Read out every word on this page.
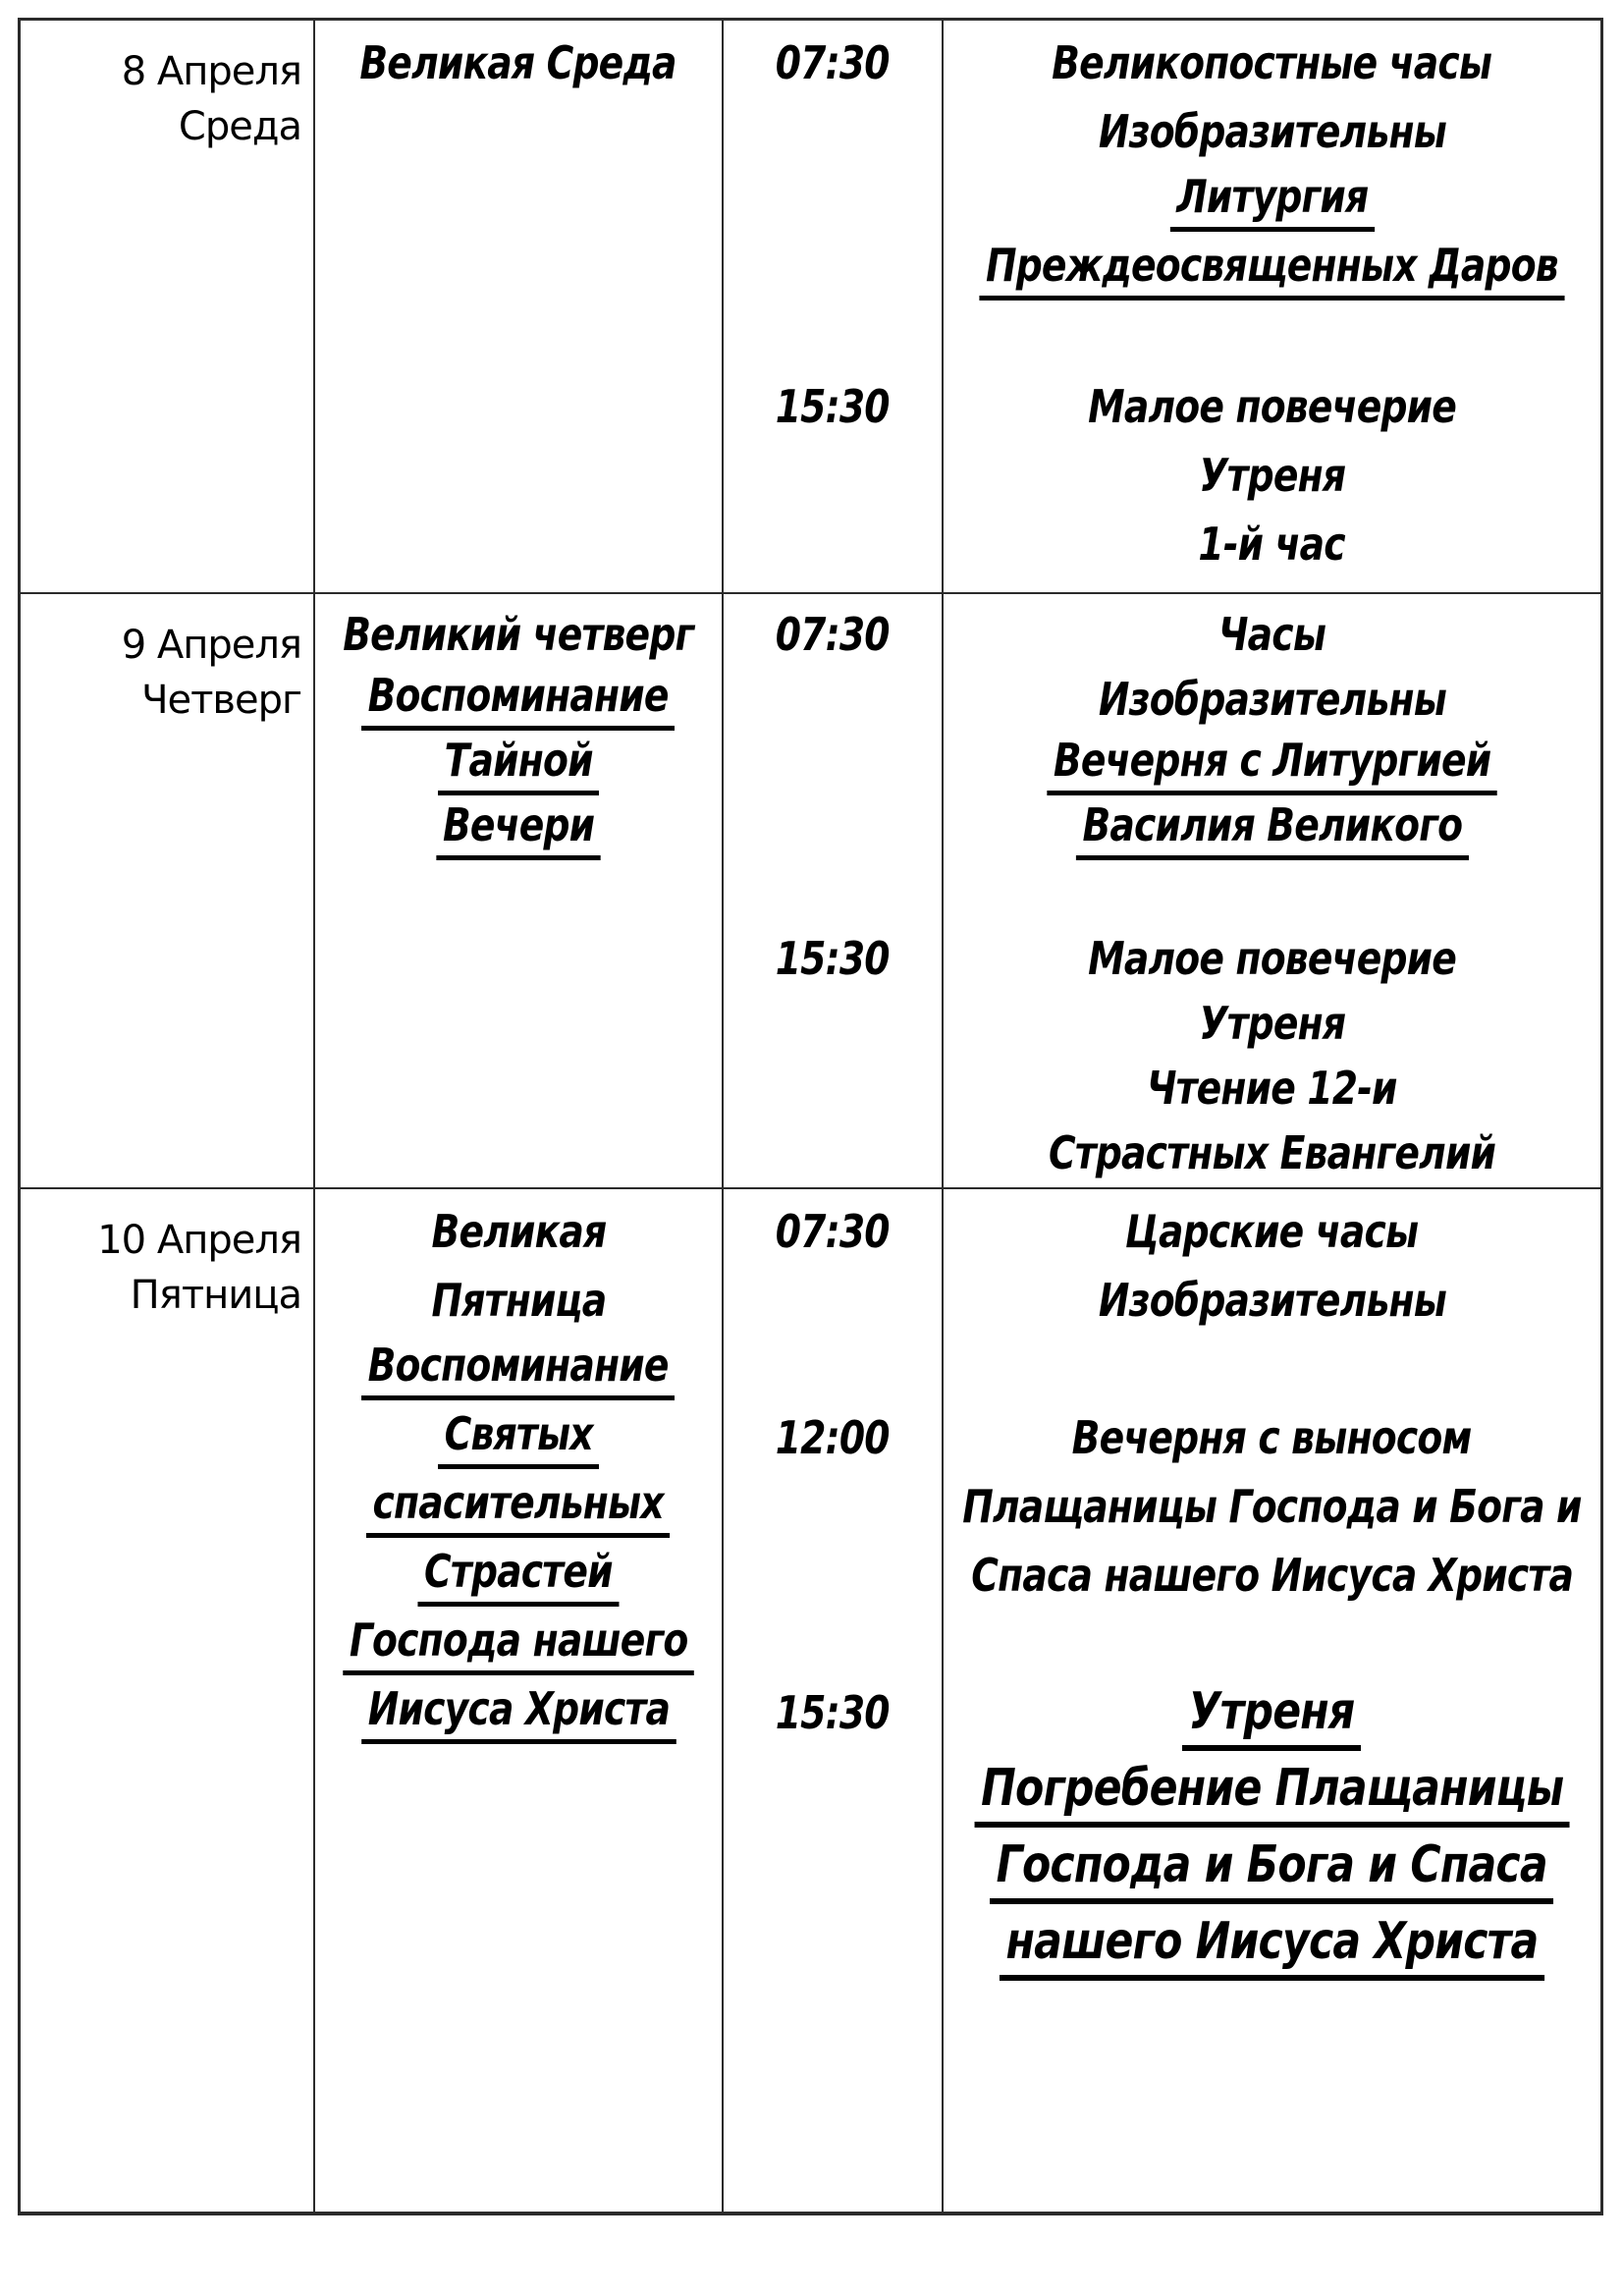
8 Апреля
Среда
Великая Среда 07:30
15:30
Великопостные часы
Изобразительны
Литургия
Преждеосвященных Даров
Малое повечерие
Утреня
1-й час
9 Апреля
Четверг
Великий четверг
Воспоминание
Тайной
Вечери
07:30
15:30
Часы
Изобразительны
Вечерня с Литургией
Василия Великого
Малое повечерие
Утреня
Чтение 12-и
Страстных Евангелий
10 Апреля
Пятница
Великая
Пятница
Воспоминание
Святых
спасительных
Страстей
Господа нашего
Иисуса Христа
07:30
12:00
15:30
Царские часы
Изобразительны
Вечерня с выносом
Плащаницы Господа и Бога и
Спаса нашего Иисуса Христа
Утреня
Погребение Плащаницы
Господа и Бога и Спаса
нашего Иисуса Христа
